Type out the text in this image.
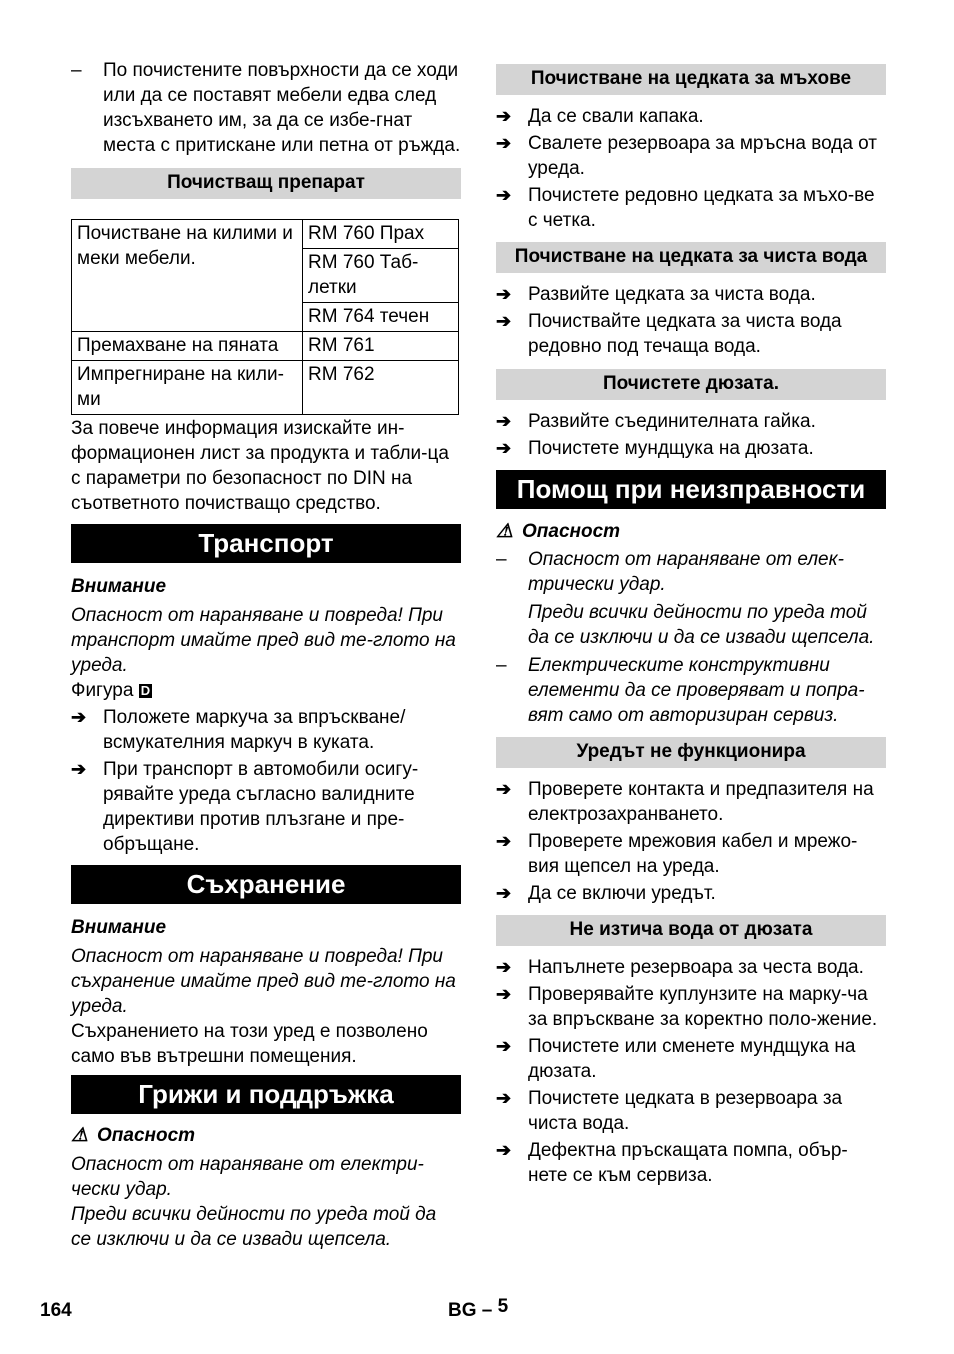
–	По почистените повърхности да се ходи или да се поставят мебели едва след изсъхването им, за да се избе-гнат места с притискане или петна от ръжда.

Почистващ препарат
Почистване на килими и меки мебели.	RM 760 Прах
	RM 760 Таб-летки
	RM 764 течен
Премахване на пяната	RM 761
Импрегниране на кили-ми	RM 762

За повече информация изискайте ин-формационен лист за продукта и табли-ца с параметри по безопасност по DIN на съответното почистващо средство.

Транспорт

Внимание

Опасност от нараняване и повреда! При транспорт имайте пред вид те-глото на уреда.

Фигура D

➔ Положете маркуча за впръскване/ всмукателния маркуч в куката.

➔ При транспорт в автомобили осигу-рявайте уреда съгласно валидните директиви против плъзгане и пре-обръщане.

Съхранение

Внимание

Опасност от нараняване и повреда! При съхранение имайте пред вид те-глото на уреда.

Съхранението на този уред е позволено само във вътрешни помещения.

Грижи и поддръжка

⚠ Опасност

Опасност от нараняване от електри-чески удар.

Преди всички дейности по уреда той да се изключи и да се извади щепсела.

Почистване на цедката за мъхове
➔ Да се свали капака.

➔ Свалете резервоара за мръсна вода от уреда.

➔ Почистете редовно цедката за мъхо-ве с четка.

Почистване на цедката за чиста вода
➔ Развийте цедката за чиста вода.

➔ Почиствайте цедката за чиста вода редовно под течаща вода.

Почистете дюзата.
➔ Развийте съединителната гайка.

➔ Почистете мундщука на дюзата.

Помощ при неизправности

⚠ Опасност

–	Опасност от нараняване от елек-трически удар.

Преди всички дейности по уреда той да се изключи и да се извади щепсела.

–	Електрическите конструктивни елементи да се проверяват и попра-вят само от авторизиран сервиз.

Уредът не функционира
➔ Проверете контакта и предпазителя на електрозахранването.

➔ Проверете мрежовия кабел и мрежо-вия щепсел на уреда.

➔ Да се включи уредът.

Не изтича вода от дюзата
➔ Напълнете резервоара за честа вода.

➔ Проверявайте куплунзите на марку-ча за впръскване за коректно поло-жение.

➔ Почистете или сменете мундщука на дюзата.

➔ Почистете цедката в резервоара за чиста вода.

➔ Дефектна пръскащата помпа, обър-нете се към сервиза.

164	BG – 5
